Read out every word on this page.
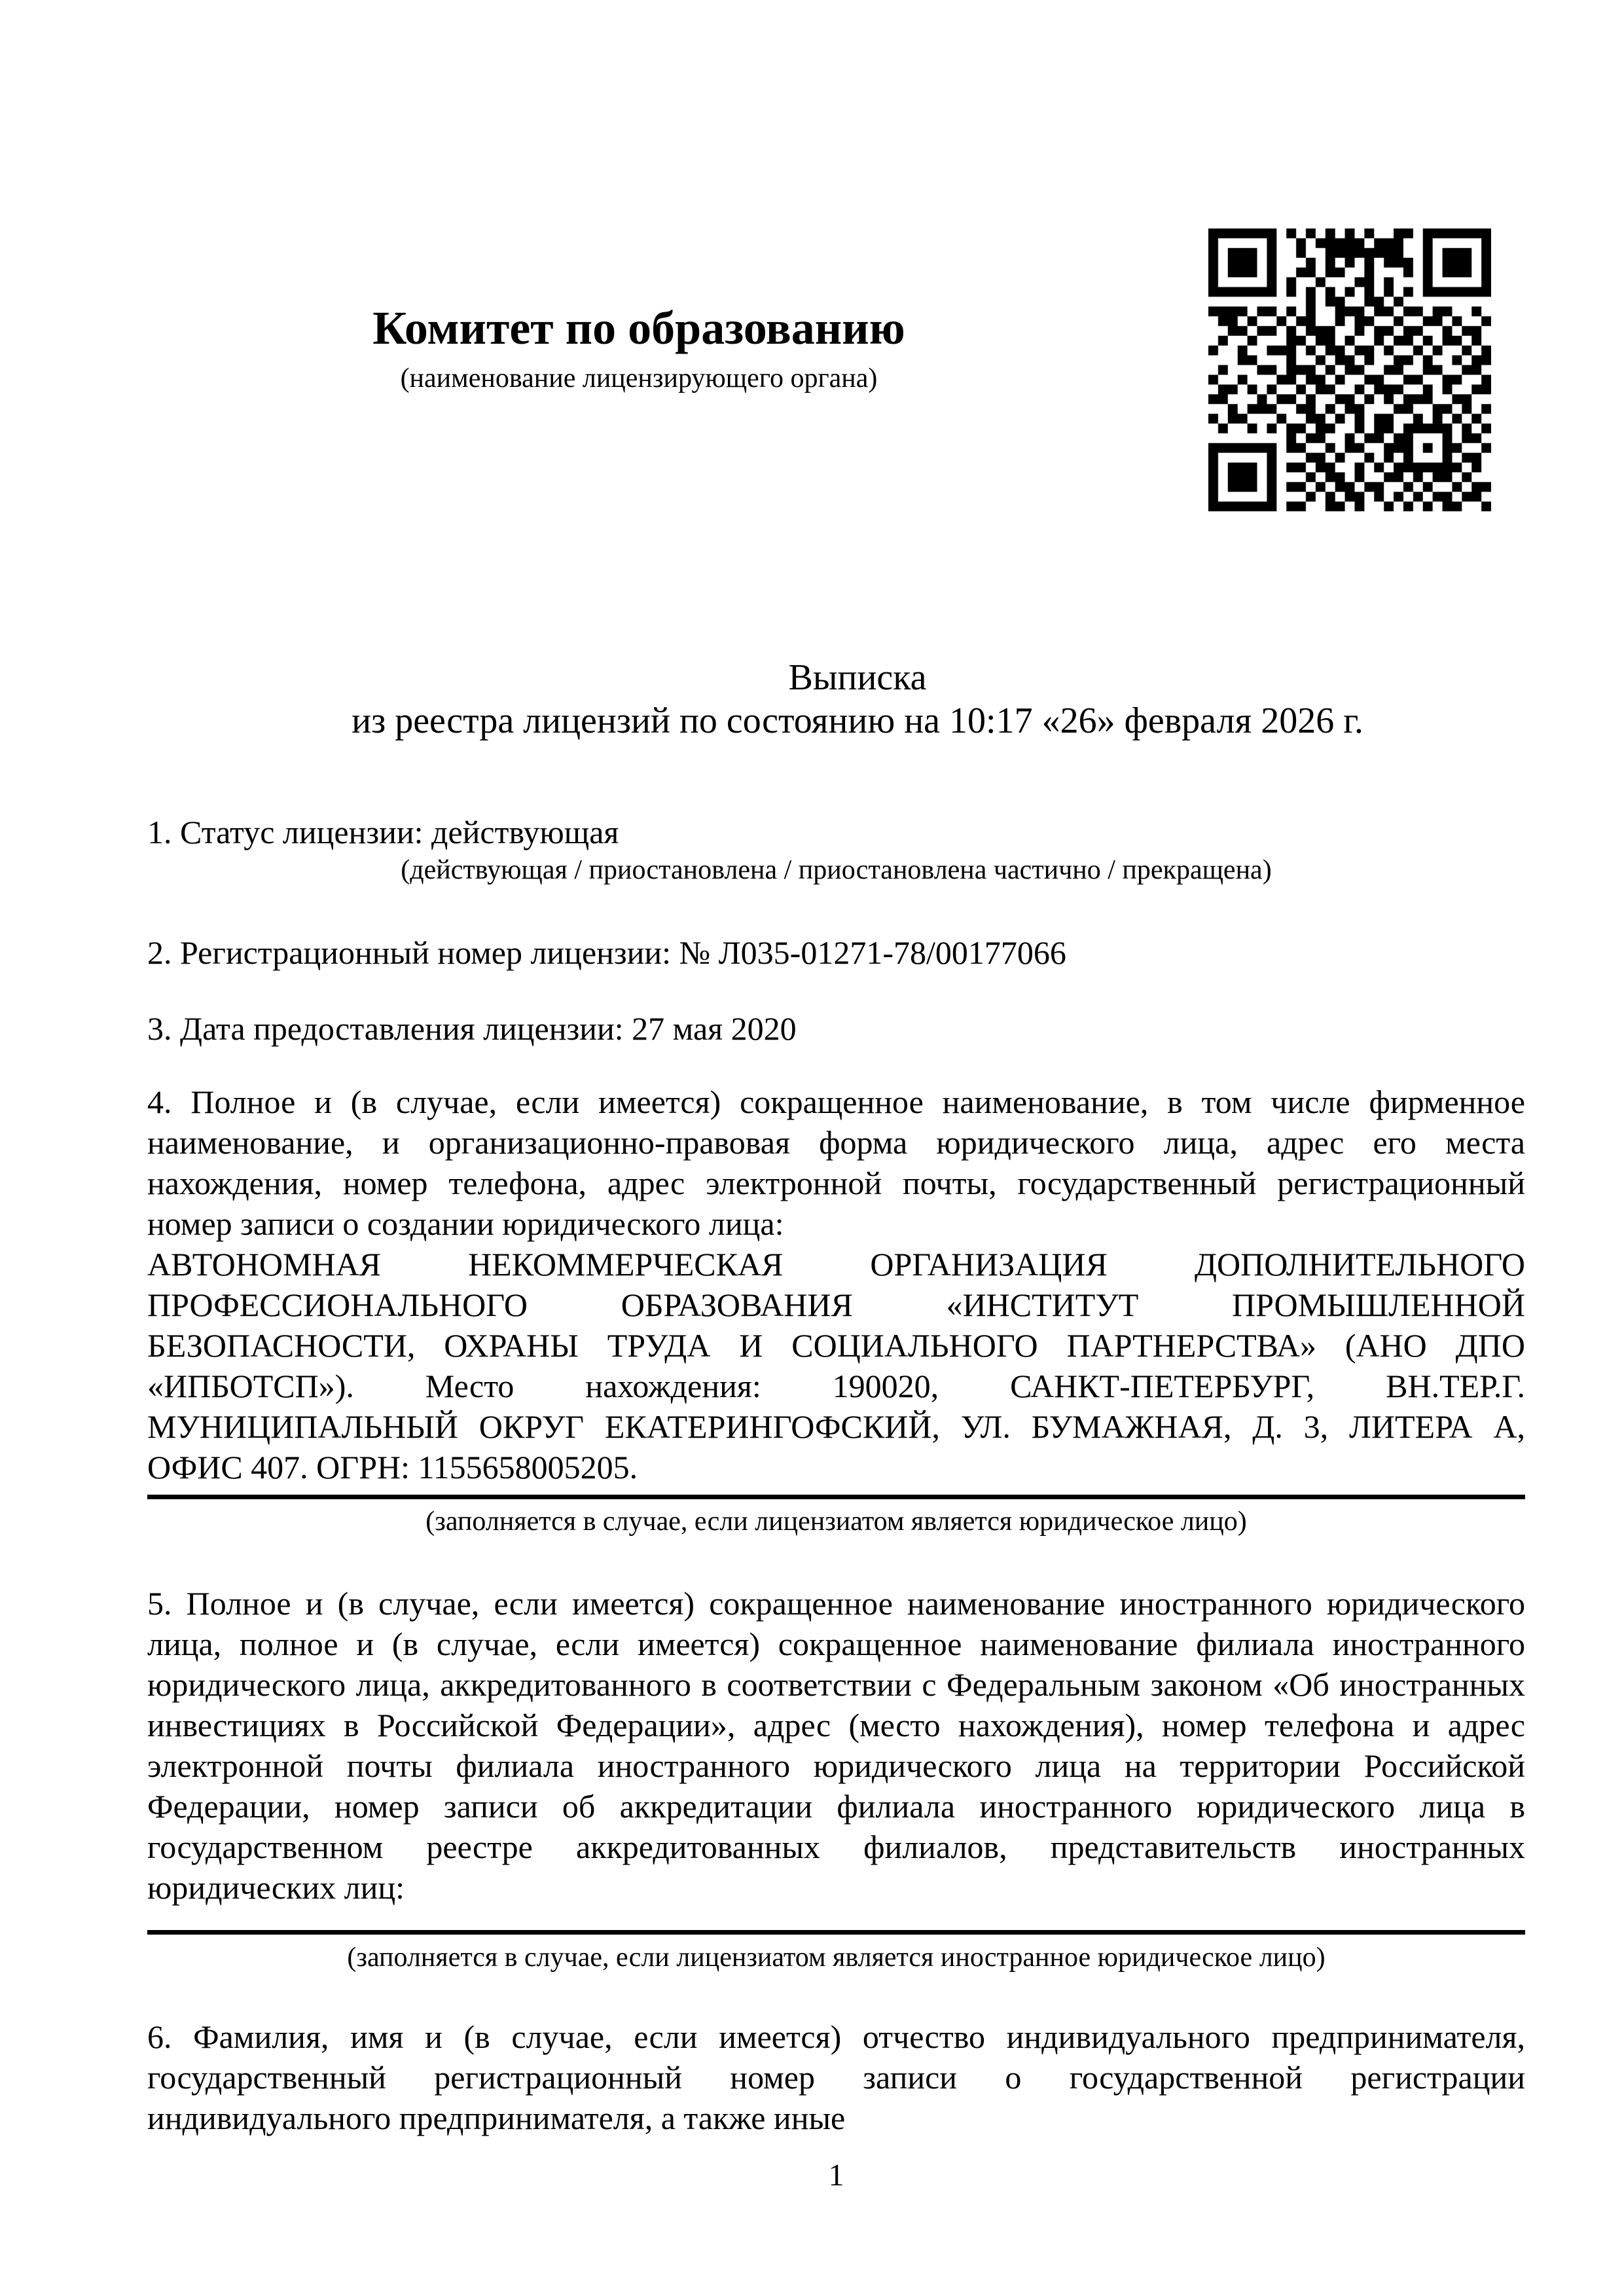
Комитет по образованию
(наименование лицензирующего органа)
Выписка
из реестра лицензий по состоянию на 10:17 «26» февраля 2026 г.
1. Статус лицензии: действующая
(действующая / приостановлена / приостановлена частично / прекращена)
2. Регистрационный номер лицензии: № Л035-01271-78/00177066
3. Дата предоставления лицензии: 27 мая 2020

4. Полное и (в случае, если имеется) сокращенное наименование, в том числе фирменное наименование, и организационно-правовая форма юридического лица, адрес его места нахождения, номер телефона, адрес электронной почты, государственный регистрационный номер записи о создании юридического лица:

АВТОНОМНАЯ НЕКОММЕРЧЕСКАЯ ОРГАНИЗАЦИЯ ДОПОЛНИТЕЛЬНОГО ПРОФЕССИОНАЛЬНОГО ОБРАЗОВАНИЯ «ИНСТИТУТ ПРОМЫШЛЕННОЙ БЕЗОПАСНОСТИ, ОХРАНЫ ТРУДА И СОЦИАЛЬНОГО ПАРТНЕРСТВА» (АНО ДПО «ИПБОТСП»). Место нахождения: 190020, САНКТ-ПЕТЕРБУРГ, ВН.ТЕР.Г. МУНИЦИПАЛЬНЫЙ ОКРУГ ЕКАТЕРИНГОФСКИЙ, УЛ. БУМАЖНАЯ, Д. 3, ЛИТЕРА А, ОФИС 407. ОГРН: 1155658005205.

(заполняется в случае, если лицензиатом является юридическое лицо)

5. Полное и (в случае, если имеется) сокращенное наименование иностранного юридического лица, полное и (в случае, если имеется) сокращенное наименование филиала иностранного юридического лица, аккредитованного в соответствии с Федеральным законом «Об иностранных инвестициях в Российской Федерации», адрес (место нахождения), номер телефона и адрес электронной почты филиала иностранного юридического лица на территории Российской Федерации, номер записи об аккредитации филиала иностранного юридического лица в государственном реестре аккредитованных филиалов, представительств иностранных юридических лиц:

(заполняется в случае, если лицензиатом является иностранное юридическое лицо)

6. Фамилия, имя и (в случае, если имеется) отчество индивидуального предпринимателя, государственный регистрационный номер записи о государственной регистрации индивидуального предпринимателя, а также иные

1
